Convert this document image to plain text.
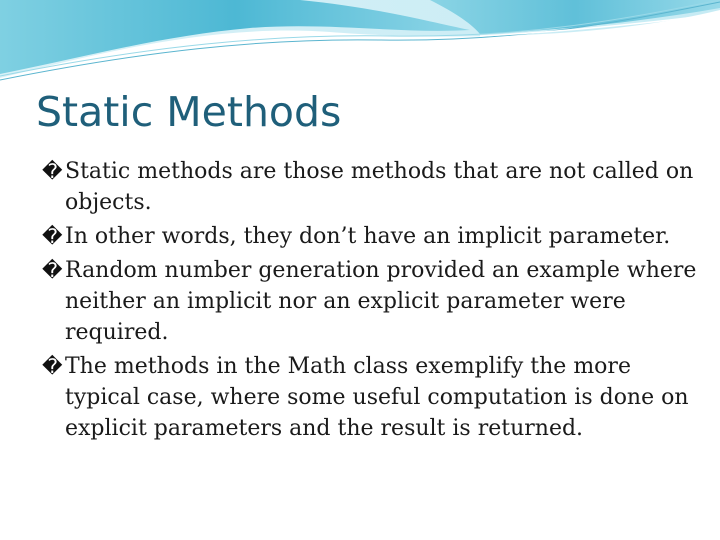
Static Methods
� Static methods are those methods that are not called on objects.
� In other words, they don’t have an implicit parameter.
� Random number generation provided an example where neither an implicit nor an explicit parameter were required.
� The methods in the Math class exemplify the more typical case, where some useful computation is done on explicit parameters and the result is returned.
